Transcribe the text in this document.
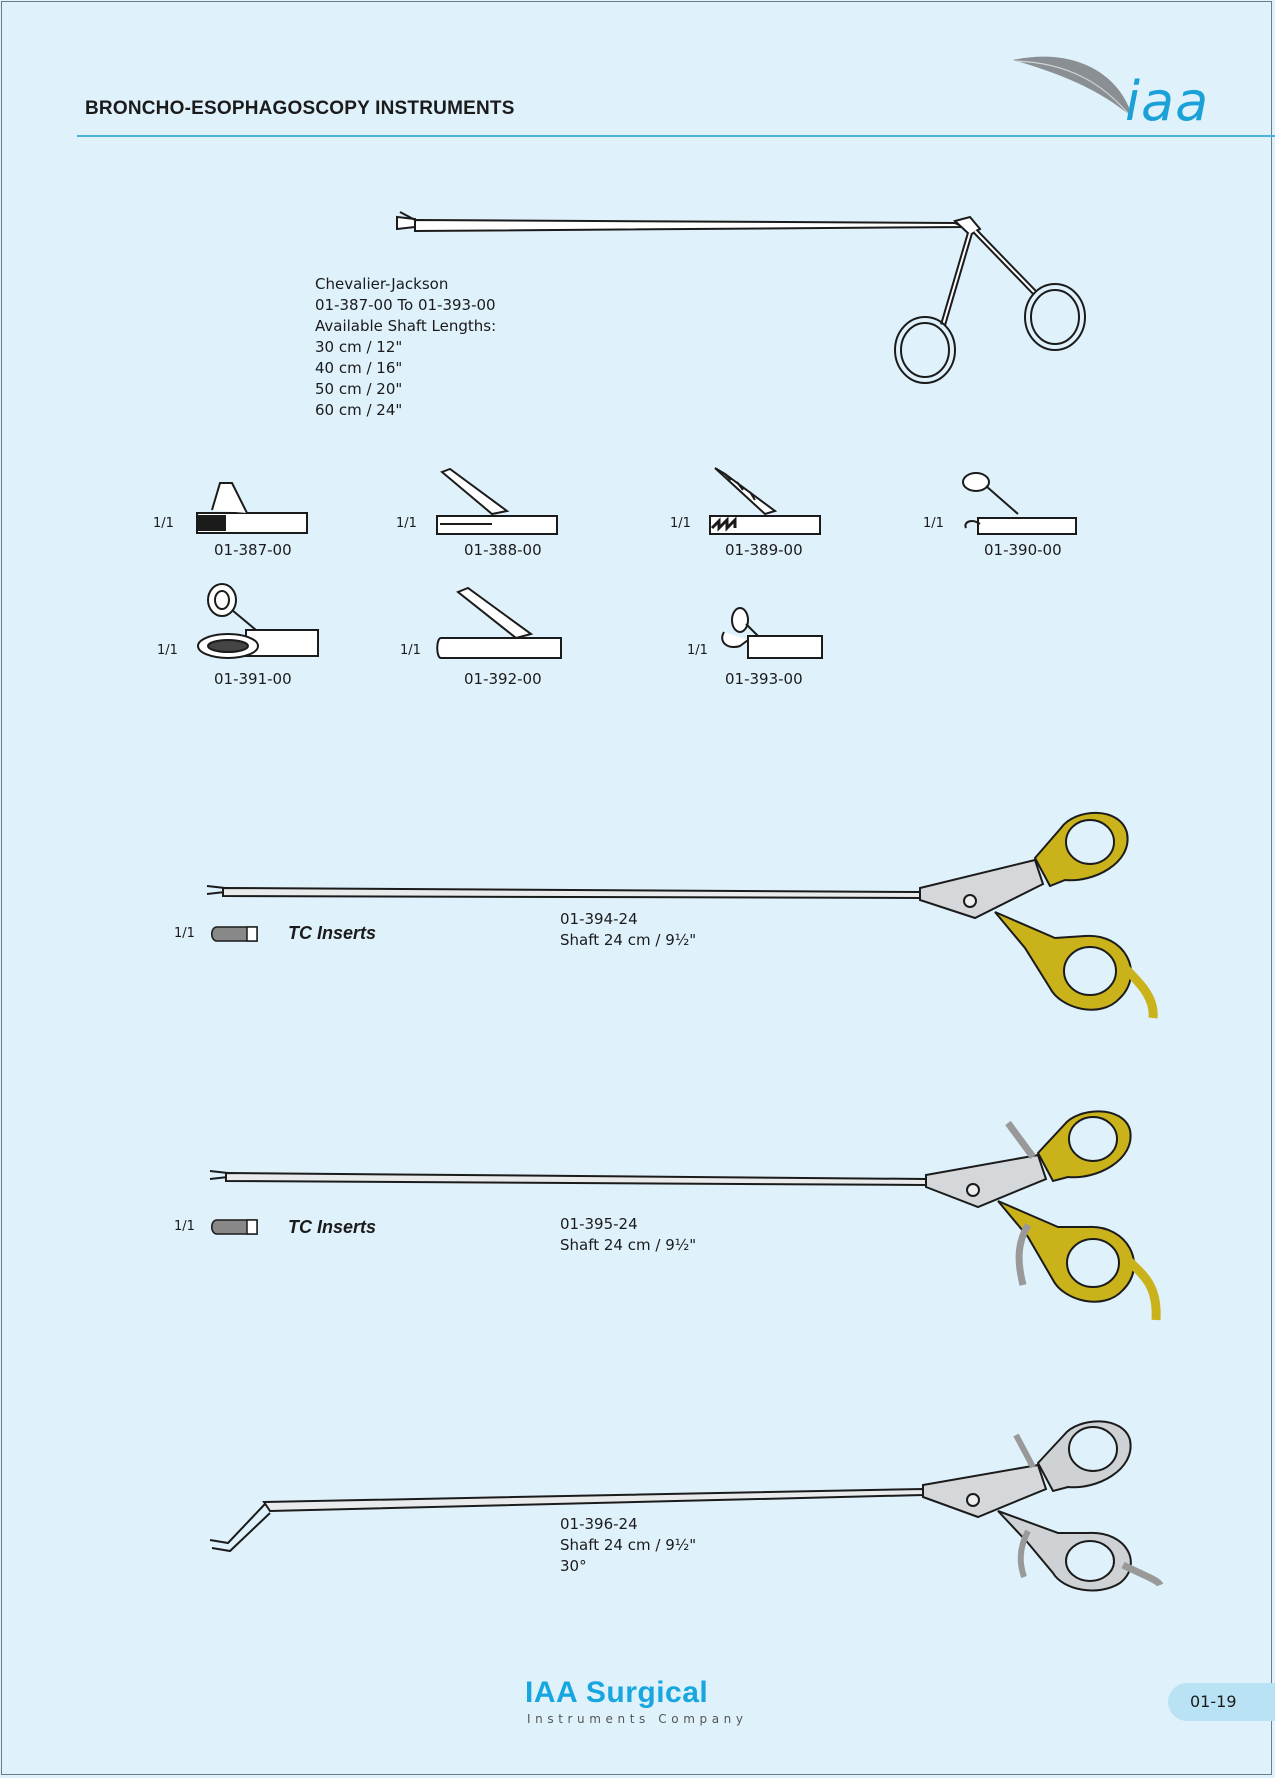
BRONCHO-ESOPHAGOSCOPY INSTRUMENTS	iaa
Chevalier-Jackson
01-387-00 To 01-393-00
Available Shaft Lengths:
30 cm / 12"
40 cm / 16"
50 cm / 20"
60 cm / 24"
1/1
01-387-00
1/1
01-388-00
1/1
01-389-00
1/1
01-390-00
1/1
01-391-00
1/1
01-392-00
1/1
01-393-00
1/1	TC Inserts
01-394-24
Shaft 24 cm / 9½"
1/1	TC Inserts	01-395-24
Shaft 24 cm / 9½"
01-396-24
Shaft 24 cm / 9½"
30°
IAA Surgical
Instruments Company
01-19
